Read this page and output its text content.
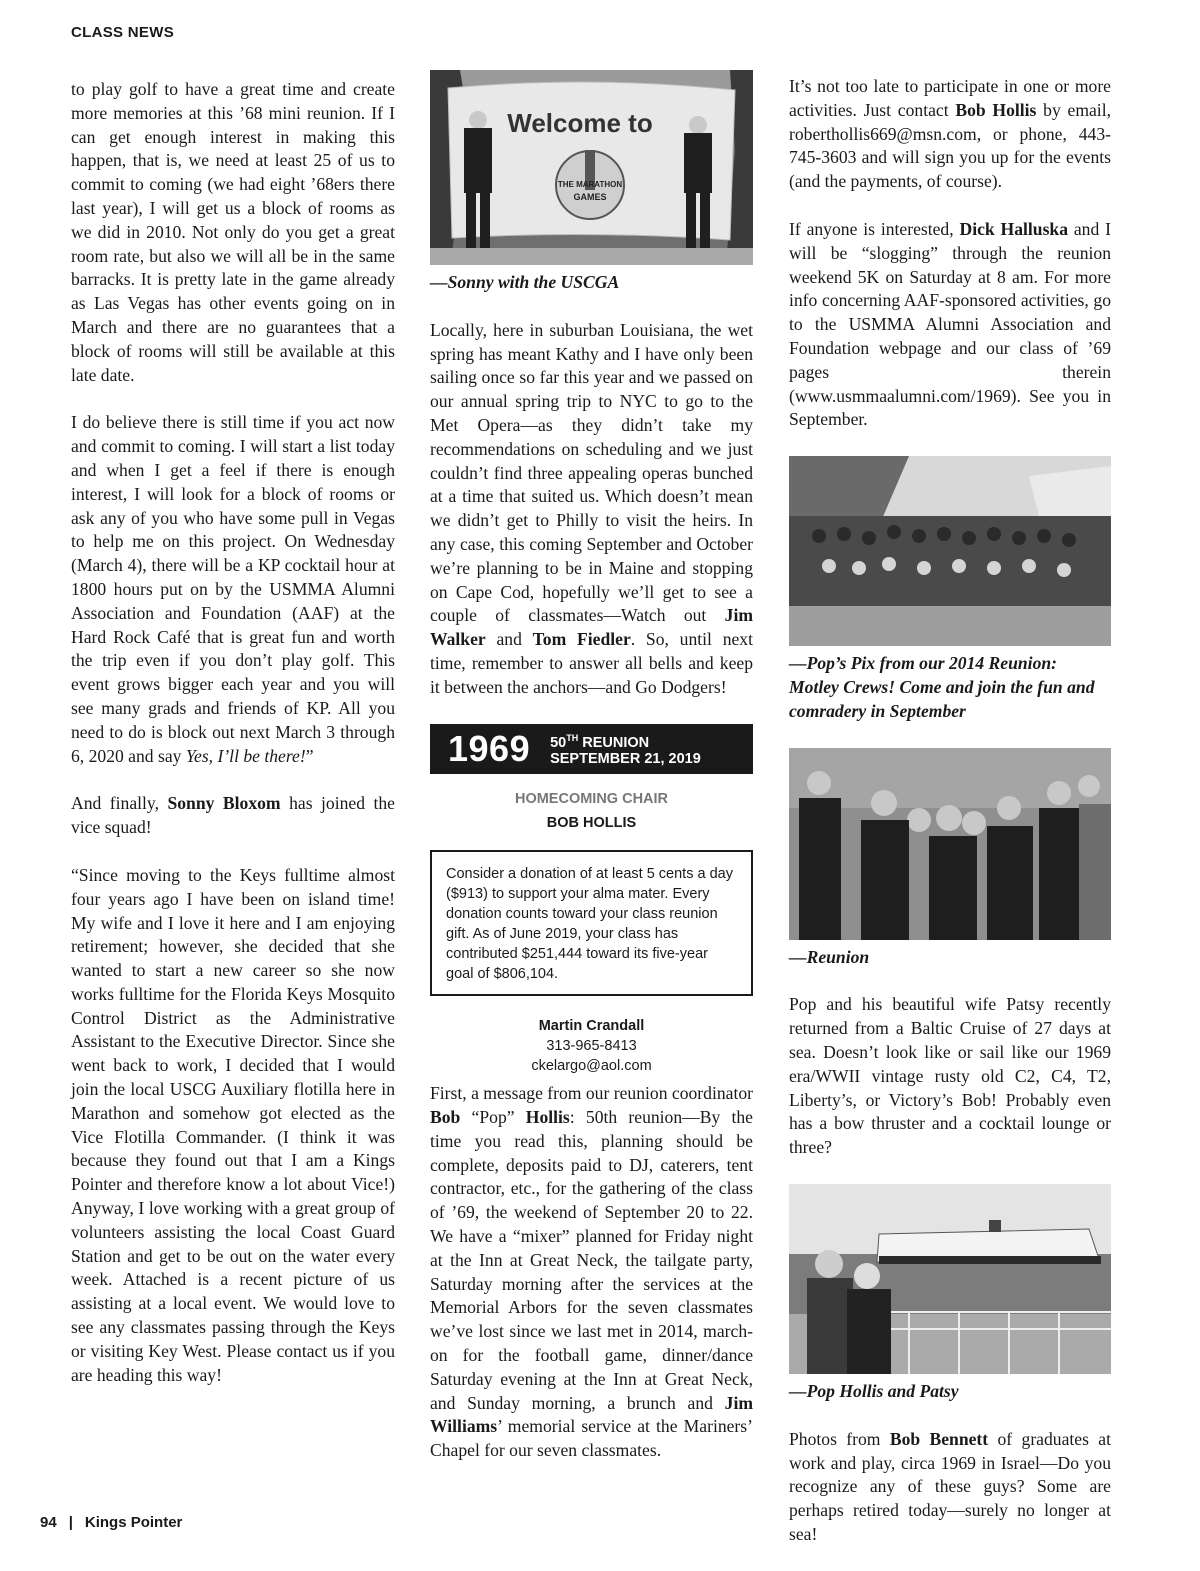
CLASS NEWS

to play golf to have a great time and create more memories at this ’68 mini reunion. If I can get enough interest in making this happen, that is, we need at least 25 of us to commit to coming (we had eight ’68ers there last year), I will get us a block of rooms as we did in 2010. Not only do you get a great room rate, but also we will all be in the same barracks. It is pretty late in the game already as Las Vegas has other events going on in March and there are no guarantees that a block of rooms will still be available at this late date.

I do believe there is still time if you act now and commit to coming. I will start a list today and when I get a feel if there is enough interest, I will look for a block of rooms or ask any of you who have some pull in Vegas to help me on this project. On Wednesday (March 4), there will be a KP cocktail hour at 1800 hours put on by the USMMA Alumni Association and Foundation (AAF) at the Hard Rock Café that is great fun and worth the trip even if you don’t play golf. This event grows bigger each year and you will see many grads and friends of KP. All you need to do is block out next March 3 through 6, 2020 and say Yes, I’ll be there!”

And finally, Sonny Bloxom has joined the vice squad!

“Since moving to the Keys fulltime almost four years ago I have been on island time! My wife and I love it here and I am enjoying retirement; however, she decided that she wanted to start a new career so she now works fulltime for the Florida Keys Mosquito Control District as the Administrative Assistant to the Executive Director. Since she went back to work, I decided that I would join the local USCG Auxiliary flotilla here in Marathon and somehow got elected as the Vice Flotilla Commander. (I think it was because they found out that I am a Kings Pointer and therefore know a lot about Vice!) Anyway, I love working with a great group of volunteers assisting the local Coast Guard Station and get to be out on the water every week. Attached is a recent picture of us assisting at a local event. We would love to see any classmates passing through the Keys or visiting Key West. Please contact us if you are heading this way!

Welcome to
THE MARATHON
GAMES
—Sonny with the USCGA

Locally, here in suburban Louisiana, the wet spring has meant Kathy and I have only been sailing once so far this year and we passed on our annual spring trip to NYC to go to the Met Opera—as they didn’t take my recommendations on scheduling and we just couldn’t find three appealing operas bunched at a time that suited us. Which doesn’t mean we didn’t get to Philly to visit the heirs. In any case, this coming September and October we’re planning to be in Maine and stopping on Cape Cod, hopefully we’ll get to see a couple of classmates—Watch out Jim Walker and Tom Fiedler. So, until next time, remember to answer all bells and keep it between the anchors—and Go Dodgers!

1969 50TH REUNION
SEPTEMBER 21, 2019
HOMECOMING CHAIR
BOB HOLLIS
Consider a donation of at least 5 cents a day ($913) to support your alma mater. Every donation counts toward your class reunion gift. As of June 2019, your class has contributed $251,444 toward its five-year goal of $806,104.
Martin Crandall
313-965-8413
ckelargo@aol.com

First, a message from our reunion coordinator Bob “Pop” Hollis: 50th reunion—By the time you read this, planning should be complete, deposits paid to DJ, caterers, tent contractor, etc., for the gathering of the class of ’69, the weekend of September 20 to 22. We have a “mixer” planned for Friday night at the Inn at Great Neck, the tailgate party, Saturday morning after the services at the Memorial Arbors for the seven classmates we’ve lost since we last met in 2014, march-on for the football game, dinner/dance Saturday evening at the Inn at Great Neck, and Sunday morning, a brunch and Jim Williams’ memorial service at the Mariners’ Chapel for our seven classmates.

It’s not too late to participate in one or more activities. Just contact Bob Hollis by email, roberthollis669@msn.com, or phone, 443-745-3603 and will sign you up for the events (and the payments, of course).

If anyone is interested, Dick Halluska and I will be “slogging” through the reunion weekend 5K on Saturday at 8 am. For more info concerning AAF-sponsored activities, go to the USMMA Alumni Association and Foundation webpage and our class of ’69 pages therein (www.usmmaalumni.com/1969). See you in September.

—Pop’s Pix from our 2014 Reunion: Motley Crews! Come and join the fun and comradery in September
—Reunion

Pop and his beautiful wife Patsy recently returned from a Baltic Cruise of 27 days at sea. Doesn’t look like or sail like our 1969 era/WWII vintage rusty old C2, C4, T2, Liberty’s, or Victory’s Bob! Probably even has a bow thruster and a cocktail lounge or three?

—Pop Hollis and Patsy

Photos from Bob Bennett of graduates at work and play, circa 1969 in Israel—Do you recognize any of these guys? Some are perhaps retired today—surely no longer at sea!

94 | Kings Pointer
